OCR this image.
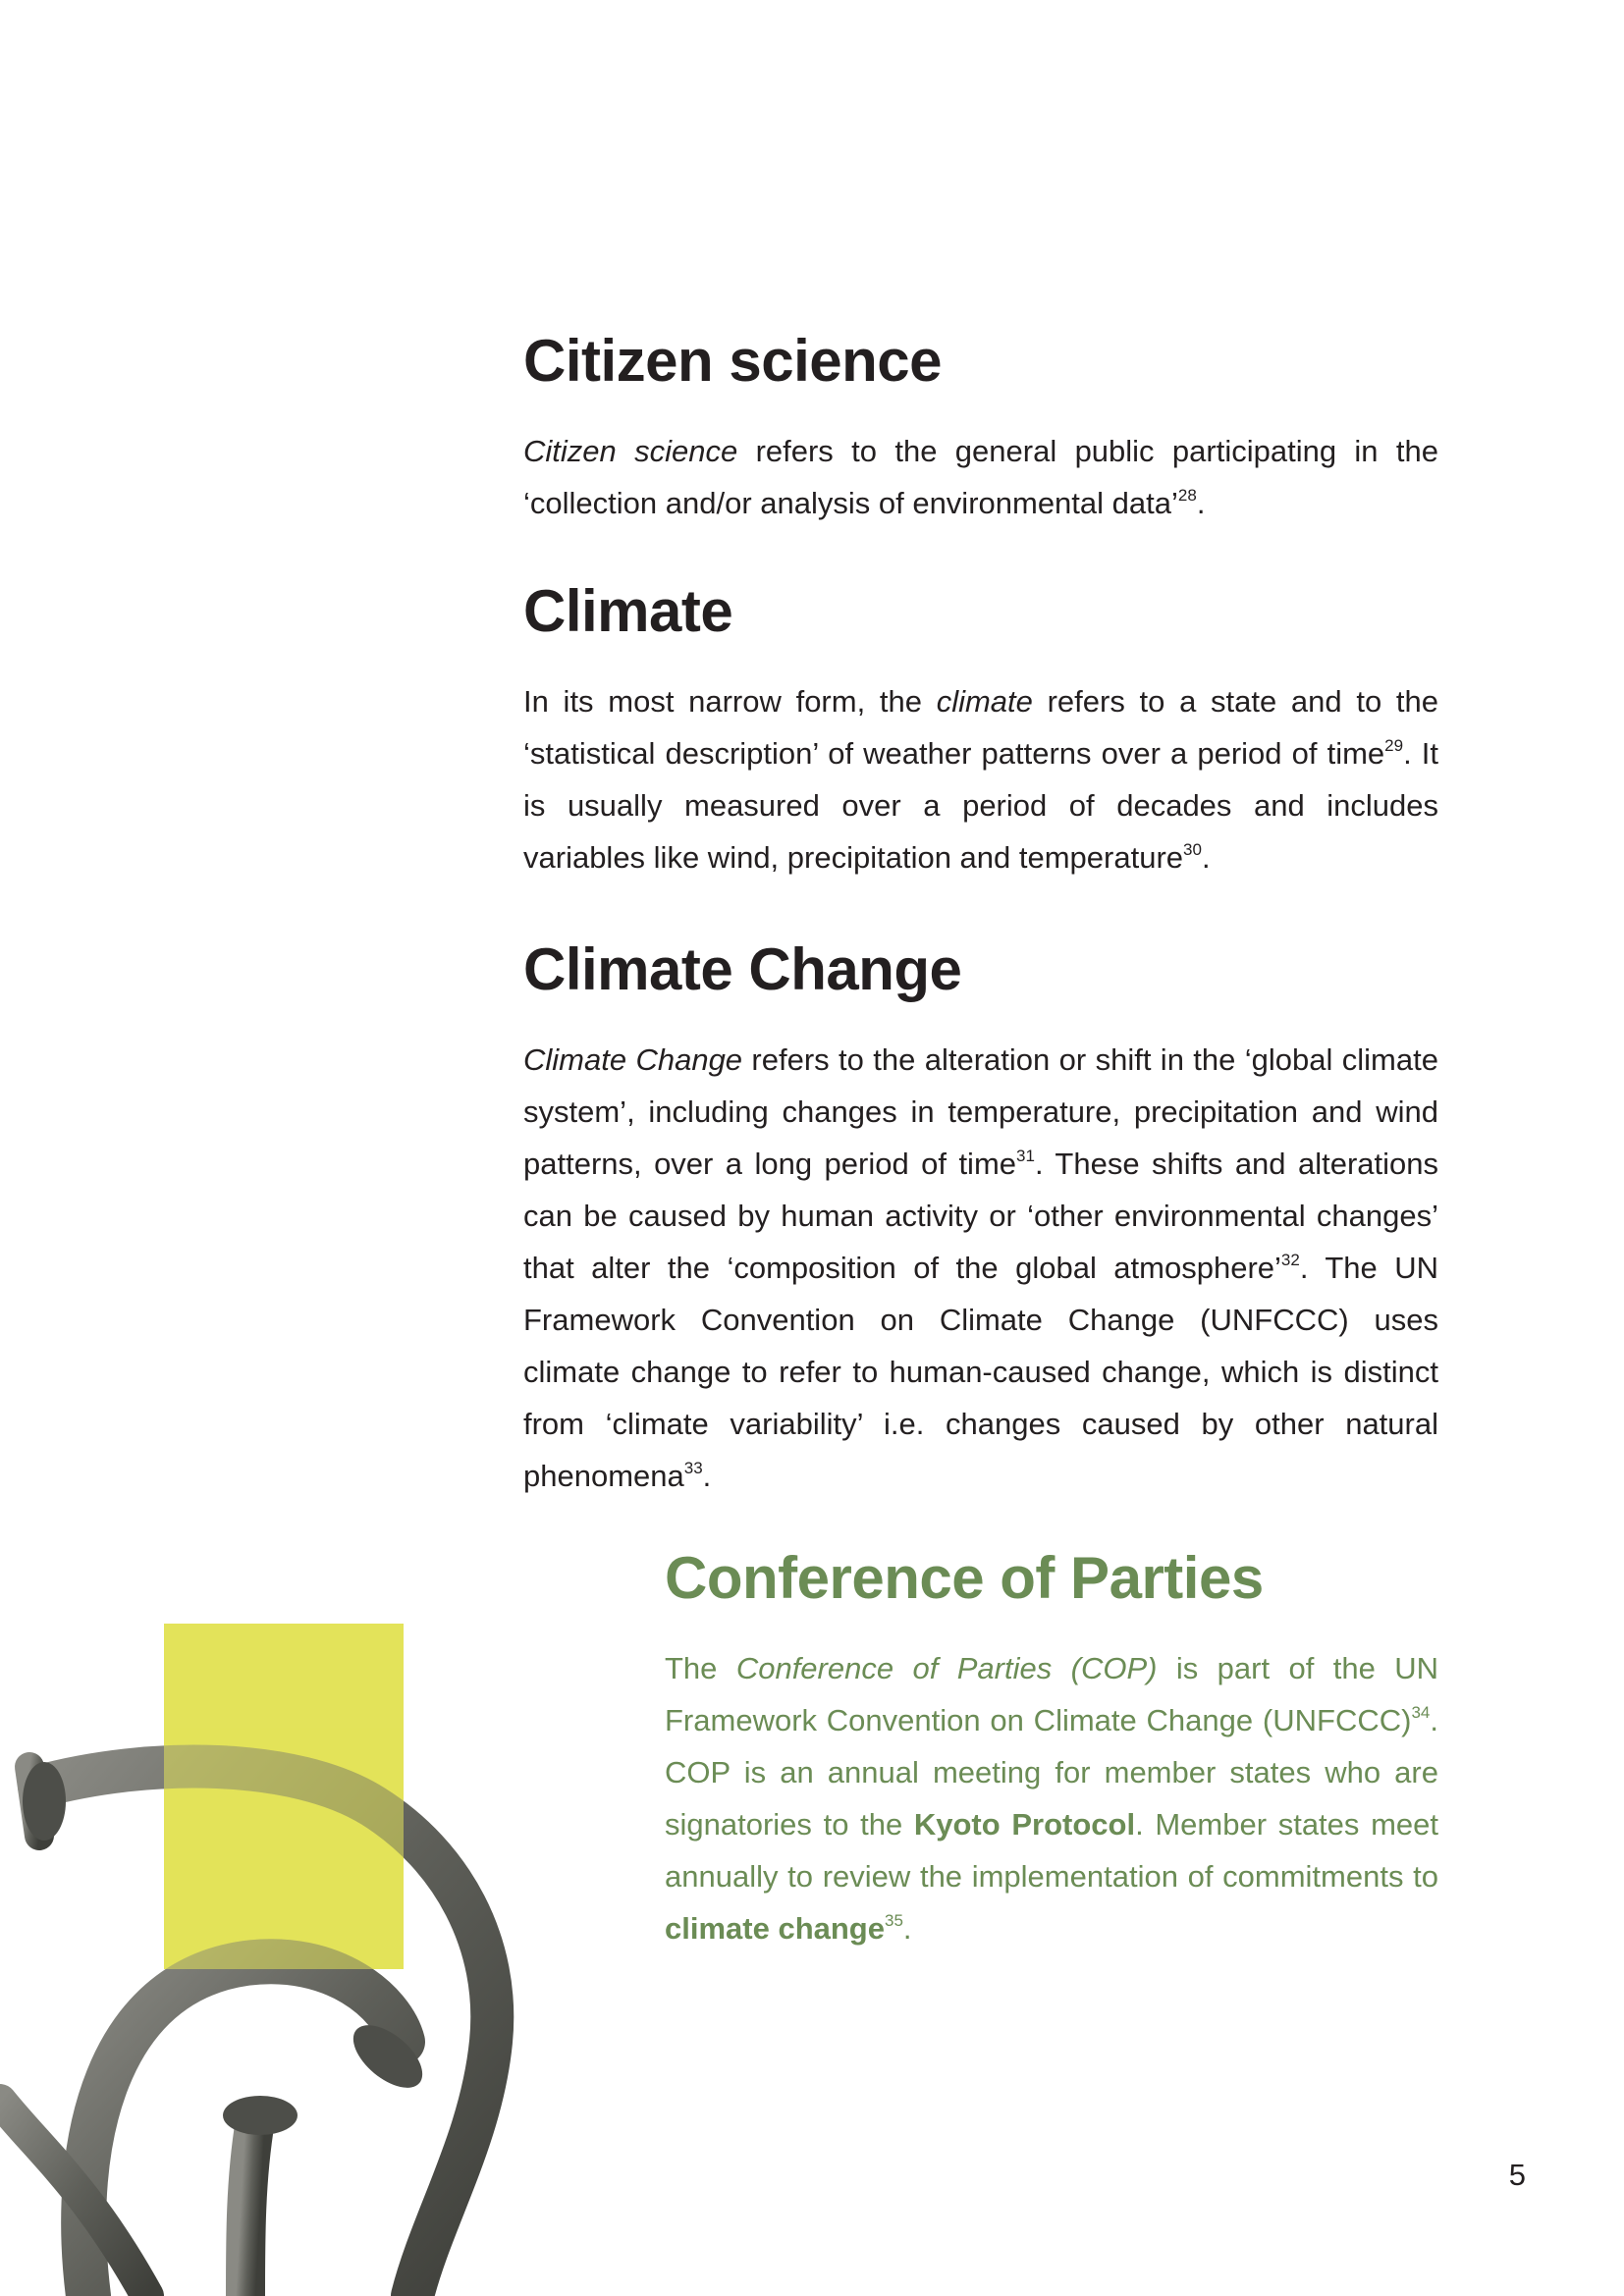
Citizen science

Citizen science refers to the general public participating in the ‘collection and/or analysis of environmental data’$^{28}$.

Climate

In its most narrow form, the climate refers to a state and to the ‘statistical description’ of weather patterns over a period of time$^{29}$. It is usually measured over a period of decades and includes variables like wind, precipitation and temperature$^{30}$.

Climate Change

Climate Change refers to the alteration or shift in the ‘global climate system’, including changes in temperature, precipitation and wind patterns, over a long period of time$^{31}$. These shifts and alterations can be caused by human activity or ‘other environmental changes’ that alter the ‘composition of the global atmosphere’$^{32}$. The UN Framework Convention on Climate Change (UNFCCC) uses climate change to refer to human-caused change, which is distinct from ‘climate variability’ i.e. changes caused by other natural phenomena$^{33}$.

Conference of Parties

The Conference of Parties (COP) is part of the UN Framework Convention on Climate Change (UNFCCC)$^{34}$. COP is an annual meeting for member states who are signatories to the Kyoto Protocol. Member states meet annually to review the implementation of commitments to climate change$^{35}$.

5
